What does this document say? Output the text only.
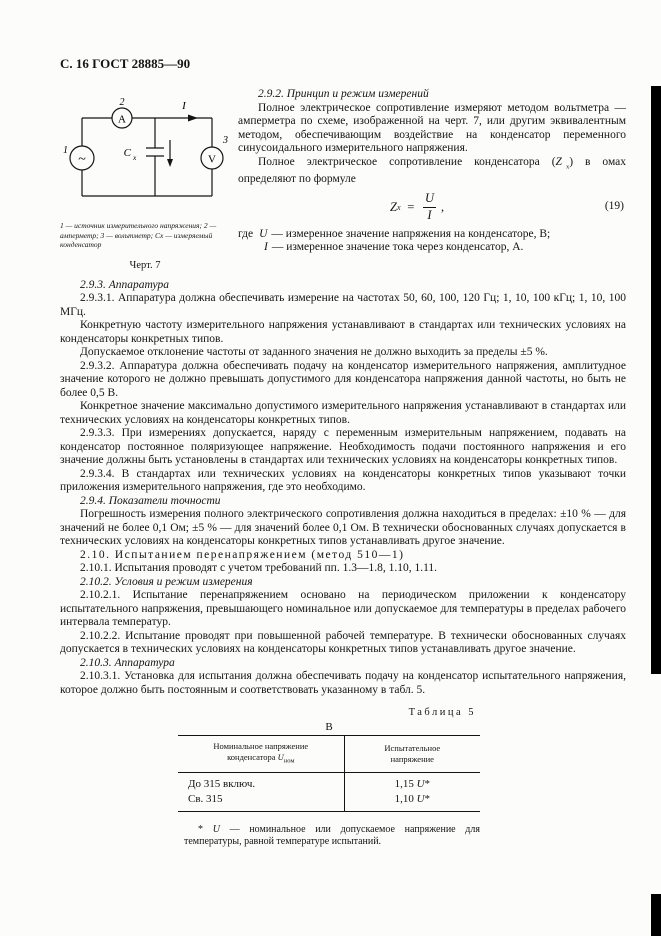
С. 16 ГОСТ 28885—90
1
~
2
A
I
C x	V
3
1 — источник измерительного напряжения; 2 — амперметр; 3 — вольтметр; Сх — измеряемый конденсатор
Черт. 7

2.9.2. Принцип и режим измерений

Полное электрическое сопротивление измеряют методом вольтметра — амперметра по схеме, изображенной на черт. 7, или другим эквивалентным методом, обеспечивающим воздействие на конденсатор переменного синусоидального измерительного напряжения.

Полное электрическое сопротивление конденсатора (Z $_x$) в омах определяют по формуле

Z $x = \frac{U}{I}$ ,	(19)
где U — измеренное значение напряжения на конденсаторе, В;
I — измеренное значение тока через конденсатор, А.

2.9.3. Аппаратура

2.9.3.1. Аппаратура должна обеспечивать измерение на частотах 50, 60, 100, 120 Гц; 1, 10, 100 кГц; 1, 10, 100 МГц.

Конкретную частоту измерительного напряжения устанавливают в стандартах или технических условиях на конденсаторы конкретных типов.

Допускаемое отклонение частоты от заданного значения не должно выходить за пределы ±5 %.

2.9.3.2. Аппаратура должна обеспечивать подачу на конденсатор измерительного напряжения, амплитудное значение которого не должно превышать допустимого для конденсатора напряжения данной частоты, но быть не более 0,5 В.

Конкретное значение максимально допустимого измерительного напряжения устанавливают в стандартах или технических условиях на конденсаторы конкретных типов.

2.9.3.3. При измерениях допускается, наряду с переменным измерительным напряжением, подавать на конденсатор постоянное поляризующее напряжение. Необходимость подачи постоянного напряжения и его значение должны быть установлены в стандартах или технических условиях на конденсаторы конкретных типов.

2.9.3.4. В стандартах или технических условиях на конденсаторы конкретных типов указывают точки приложения измерительного напряжения, где это необходимо.

2.9.4. Показатели точности

Погрешность измерения полного электрического сопротивления должна находиться в пределах: ±10 % — для значений не более 0,1 Ом; ±5 % — для значений более 0,1 Ом. В технически обоснованных случаях допускается в технических условиях на конденсаторы конкретных типов устанавливать другое значение.

2.10. Испытанием перенапряжением (метод 510—1)

2.10.1. Испытания проводят с учетом требований пп. 1.3—1.8, 1.10, 1.11.

2.10.2. Условия и режим измерения

2.10.2.1. Испытание перенапряжением основано на периодическом приложении к конденсатору испытательного напряжения, превышающего номинальное или допускаемое для температуры в пределах рабочего интервала температур.

2.10.2.2. Испытание проводят при повышенной рабочей температуре. В технически обоснованных случаях допускается в технических условиях на конденсаторы конкретных типов устанавливать другое значение.

2.10.3. Аппаратура

2.10.3.1. Установка для испытания должна обеспечивать подачу на конденсатор испытательного напряжения, которое должно быть постоянным и соответствовать указанному в табл. 5.

Таблица 5
В
Номинальное напряжение
конденсатора $U_{ном}$	Испытательное
напряжение
До 315 включ.	1,15 U*
Св. 315	1,10 U*
* U — номинальное или допускаемое напряжение для температуры, равной температуре испытаний.
